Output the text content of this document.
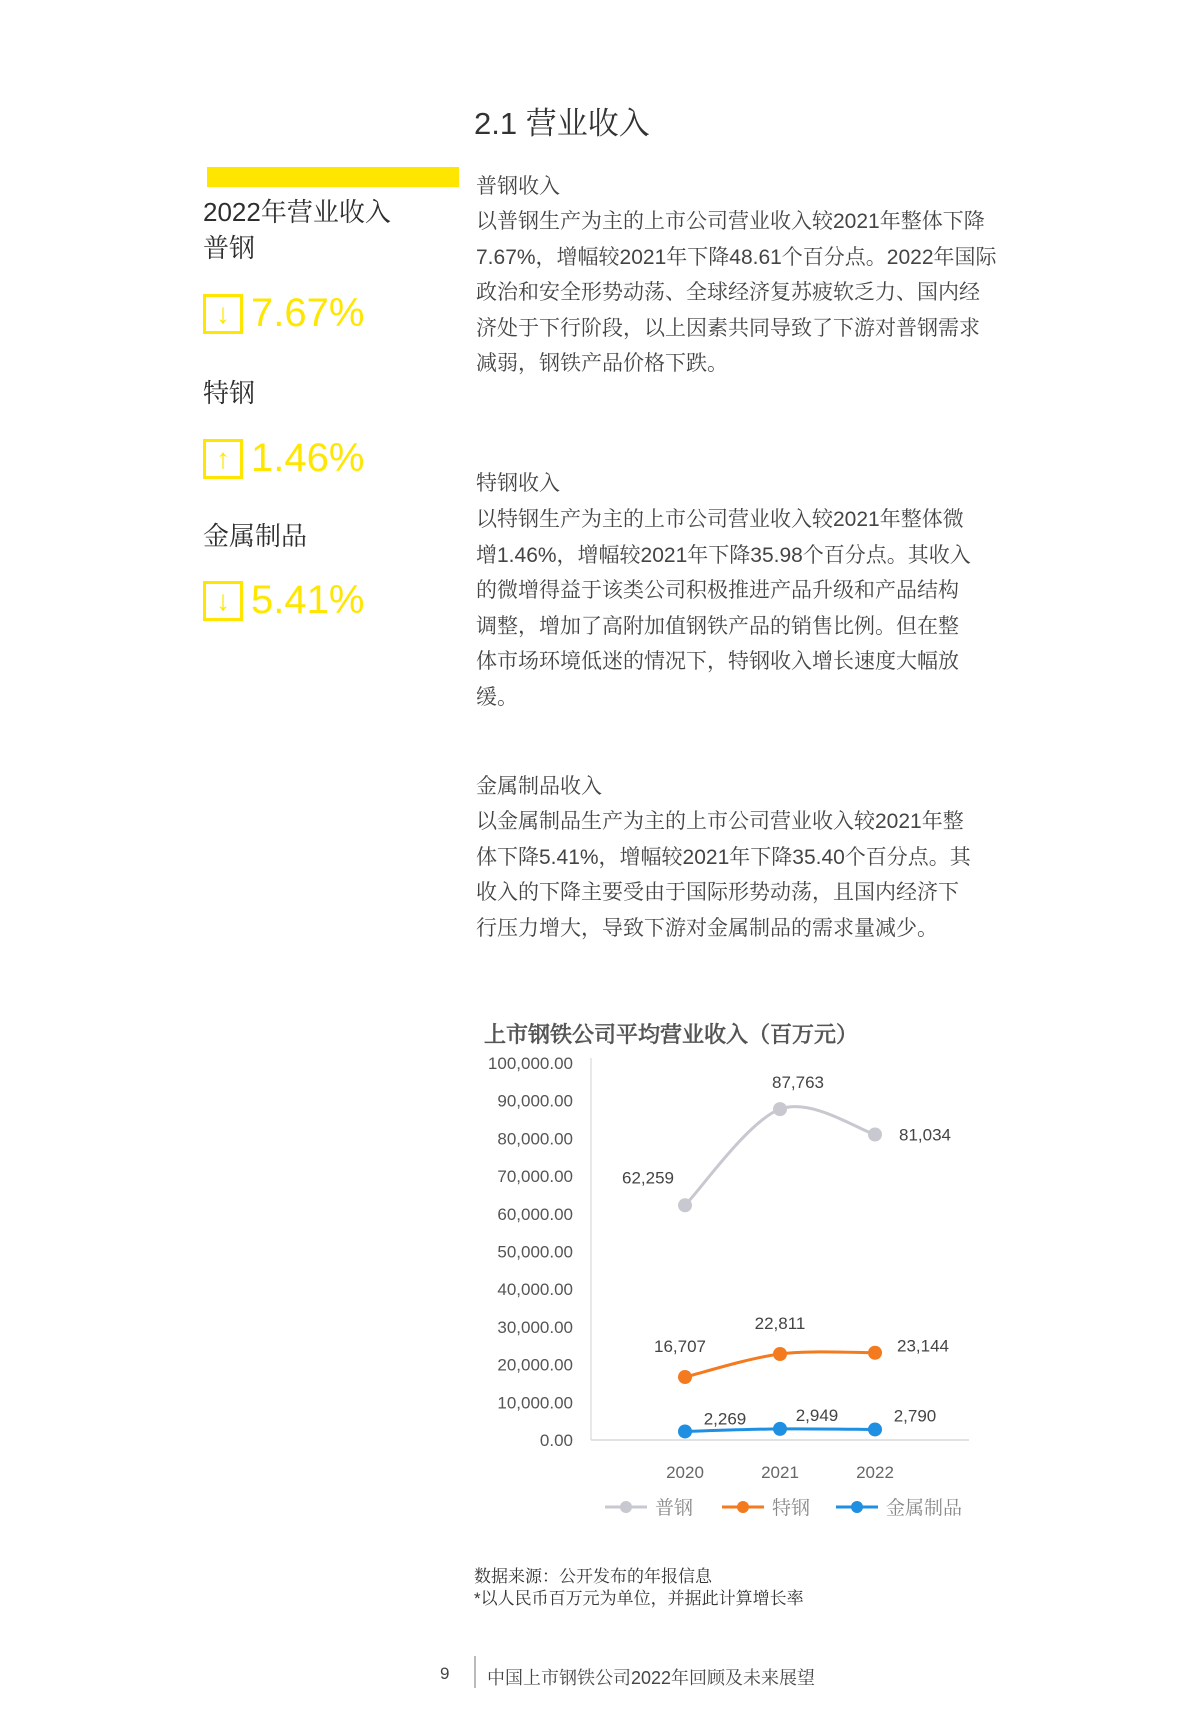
2.1 营业收入
2022年营业收入
普钢
↓ 7.67%
特钢
↑ 1.46%
金属制品
↓ 5.41%
普钢收入
以普钢生产为主的上市公司营业收入较2021年整体下降
7.67%，增幅较2021年下降48.61个百分点。2022年国际
政治和安全形势动荡、全球经济复苏疲软乏力、国内经
济处于下行阶段，以上因素共同导致了下游对普钢需求
减弱，钢铁产品价格下跌。
特钢收入
以特钢生产为主的上市公司营业收入较2021年整体微
增1.46%，增幅较2021年下降35.98个百分点。其收入
的微增得益于该类公司积极推进产品升级和产品结构
调整，增加了高附加值钢铁产品的销售比例。但在整
体市场环境低迷的情况下，特钢收入增长速度大幅放
缓。
金属制品收入
以金属制品生产为主的上市公司营业收入较2021年整
体下降5.41%，增幅较2021年下降35.40个百分点。其
收入的下降主要受由于国际形势动荡，且国内经济下
行压力增大，导致下游对金属制品的需求量减少。
上市钢铁公司平均营业收入（百万元）
0.00
10,000.00
20,000.00
30,000.00
40,000.00
50,000.00
60,000.00
70,000.00
80,000.00
90,000.00
100,000.00
2020	2021	2022
62,259
87,763
81,034
16,707
22,811
23,144
2,269	2,949	2,790
普钢	特钢	金属制品
数据来源：公开发布的年报信息
*以人民币百万元为单位，并据此计算增长率
9 中国上市钢铁公司2022年回顾及未来展望
